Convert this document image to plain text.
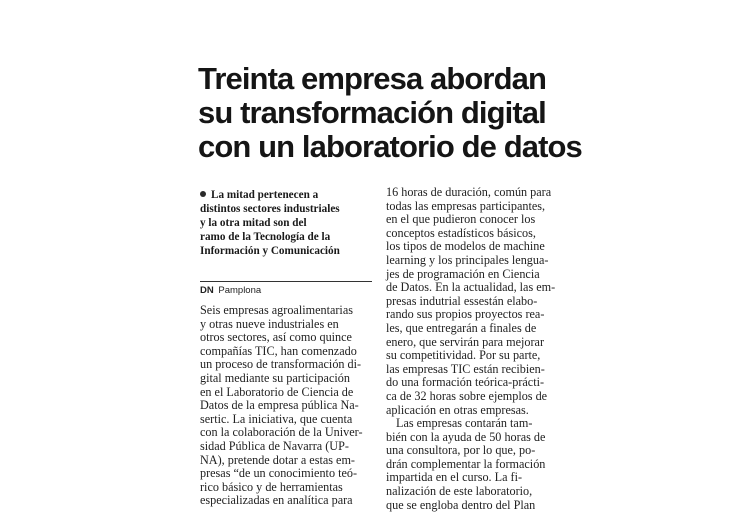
Treinta empresa abordan
su transformación digital
con un laboratorio de datos
La mitad pertenecen a
distintos sectores industriales
y la otra mitad son del
ramo de la Tecnología de la
Información y Comunicación
DN Pamplona
Seis empresas agroalimentarias
y otras nueve industriales en
otros sectores, así como quince
compañías TIC, han comenzado
un proceso de transformación di-
gital mediante su participación
en el Laboratorio de Ciencia de
Datos de la empresa pública Na-
sertic. La iniciativa, que cuenta
con la colaboración de la Univer-
sidad Pública de Navarra (UP-
NA), pretende dotar a estas em-
presas “de un conocimiento teó-
rico básico y de herramientas
especializadas en analítica para
16 horas de duración, común para
todas las empresas participantes,
en el que pudieron conocer los
conceptos estadísticos básicos,
los tipos de modelos de machine
learning y los principales lengua-
jes de programación en Ciencia
de Datos. En la actualidad, las em-
presas indutrial essestán elabo-
rando sus propios proyectos rea-
les, que entregarán a finales de
enero, que servirán para mejorar
su competitividad. Por su parte,
las empresas TIC están recibien-
do una formación teórica-prácti-
ca de 32 horas sobre ejemplos de
aplicación en otras empresas.
Las empresas contarán tam-
bién con la ayuda de 50 horas de
una consultora, por lo que, po-
drán complementar la formación
impartida en el curso. La fi-
nalización de este laboratorio,
que se engloba dentro del Plan
